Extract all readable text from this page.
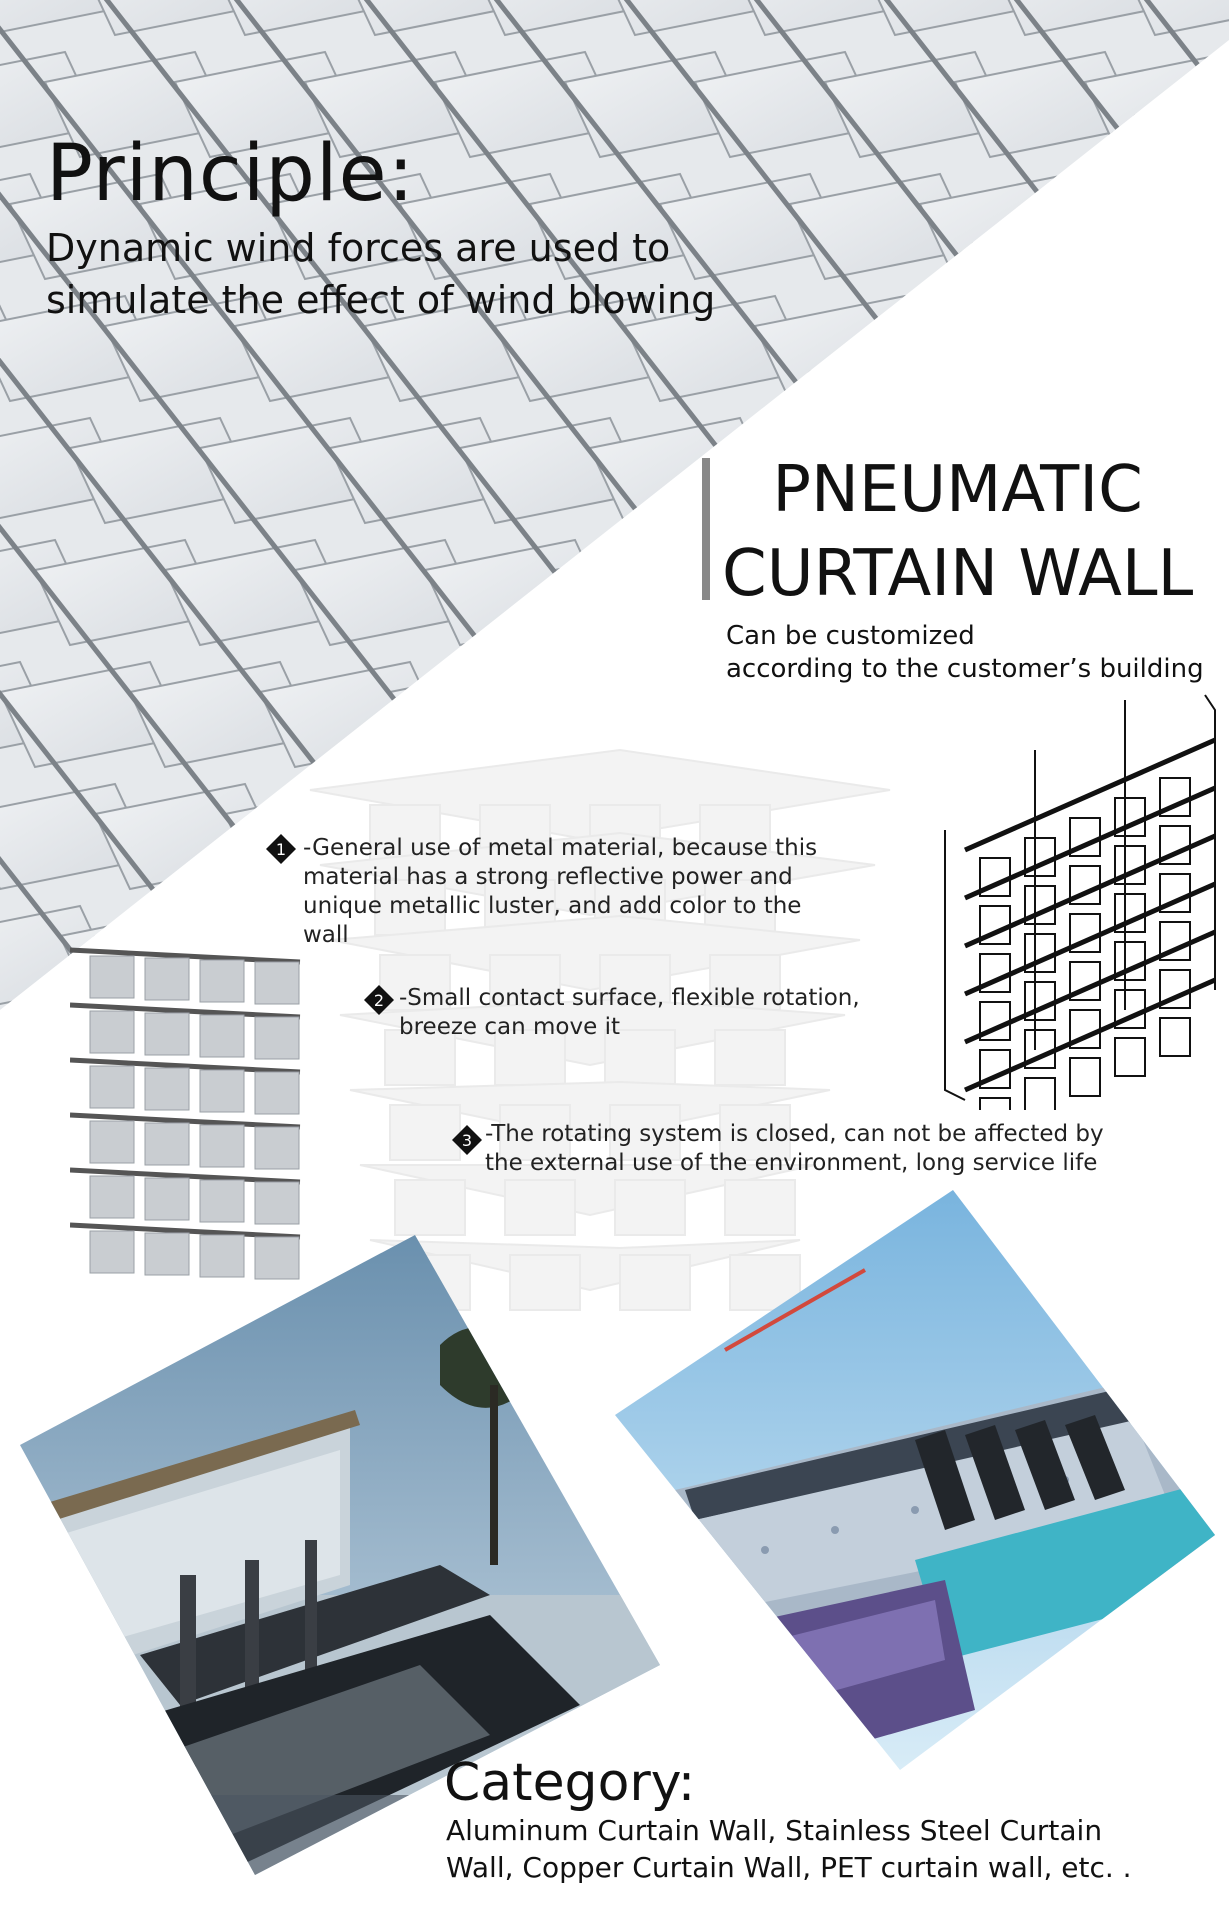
Principle:
Dynamic wind forces are used to
simulate the effect of wind blowing
PNEUMATIC
CURTAIN WALL
Can be customized
according to the customer’s building
1 -General use of metal material, because this
material has a strong reflective power and
unique metallic luster, and add color to the
wall
2 -Small contact surface, flexible rotation,
breeze can move it
3 -The rotating system is closed, can not be affected by
the external use of the environment, long service life
Category:
Aluminum Curtain Wall, Stainless Steel Curtain
Wall, Copper Curtain Wall, PET curtain wall, etc. .
